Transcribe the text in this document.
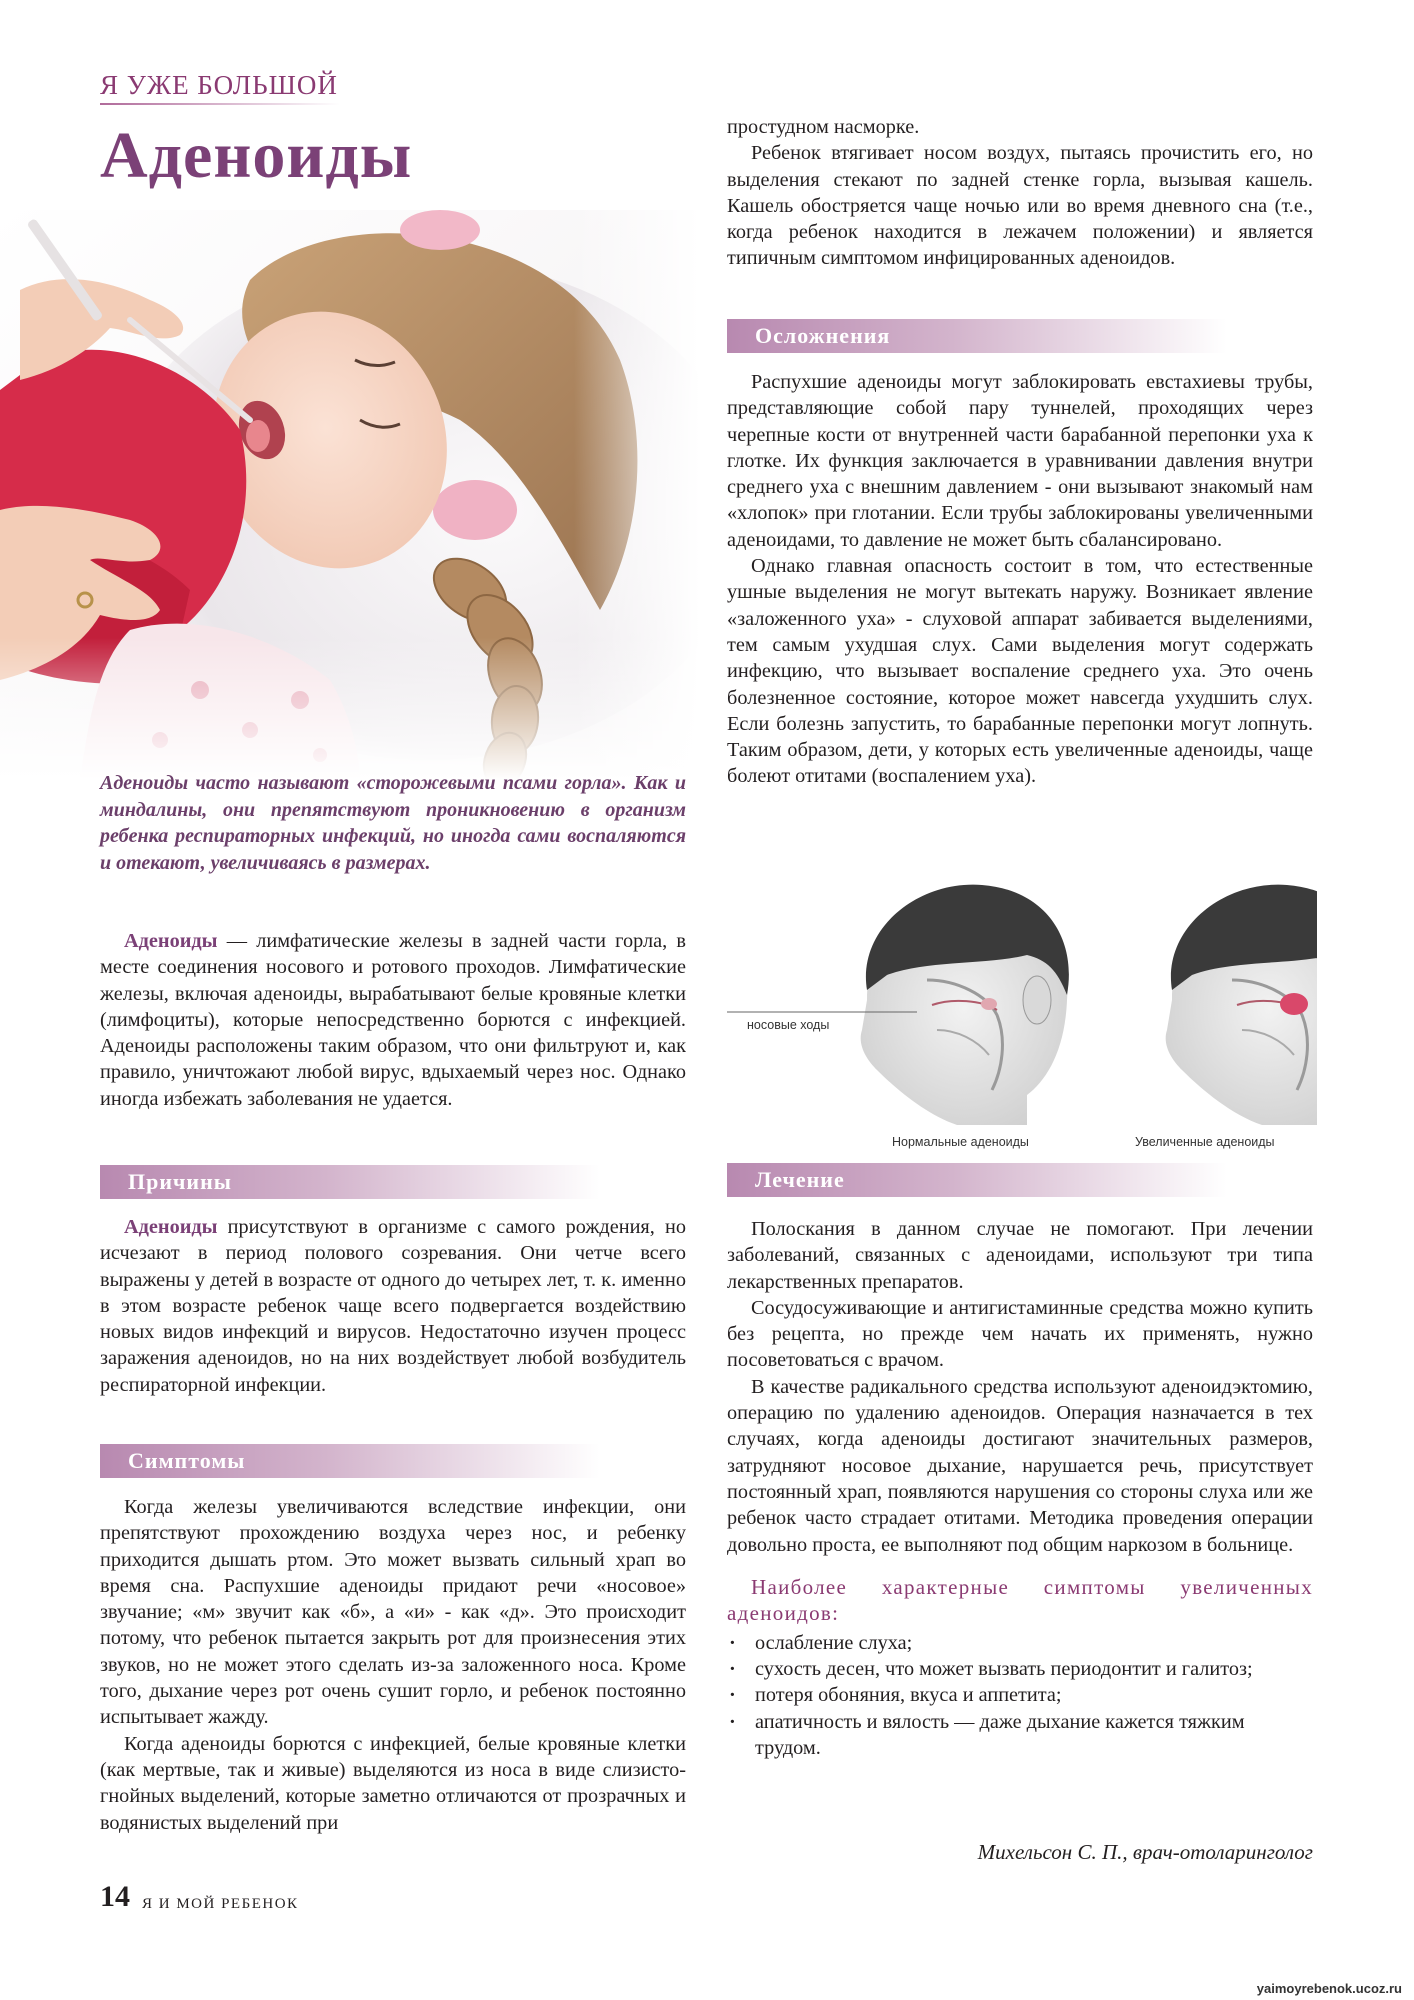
Я УЖЕ БОЛЬШОЙ
Аденоиды

Аденоиды часто называют «сторожевыми псами горла». Как и миндалины, они препятствуют проникновению в организм ребенка респираторных инфекций, но иногда сами воспаляются и отекают, увеличиваясь в размерах.

Аденоиды — лимфатические железы в задней части горла, в месте соединения носового и ротового проходов. Лимфатические железы, включая аденоиды, вырабатывают белые кровяные клетки (лимфоциты), которые непосредственно борются с инфекцией. Аденоиды расположены таким образом, что они фильтруют и, как правило, уничтожают любой вирус, вдыхаемый через нос. Однако иногда избежать заболевания не удается.

Причины

Аденоиды присутствуют в организме с самого рождения, но исчезают в период полового созревания. Они четче всего выражены у детей в возрасте от одного до четырех лет, т. к. именно в этом возрасте ребенок чаще всего подвергается воздействию новых видов инфекций и вирусов. Недостаточно изучен процесс заражения аденоидов, но на них воздействует любой возбудитель респираторной инфекции.

Симптомы

Когда железы увеличиваются вследствие инфекции, они препятствуют прохождению воздуха через нос, и ребенку приходится дышать ртом. Это может вызвать сильный храп во время сна. Распухшие аденоиды придают речи «носовое» звучание; «м» звучит как «б», а «и» - как «д». Это происходит потому, что ребенок пытается закрыть рот для произнесения этих звуков, но не может этого сделать из-за заложенного носа. Кроме того, дыхание через рот очень сушит горло, и ребенок постоянно испытывает жажду.

Когда аденоиды борются с инфекцией, белые кровяные клетки (как мертвые, так и живые) выделяются из носа в виде слизисто-гнойных выделений, которые заметно отличаются от прозрачных и водянистых выделений при

простудном насморке.

Ребенок втягивает носом воздух, пытаясь прочистить его, но выделения стекают по задней стенке горла, вызывая кашель. Кашель обостряется чаще ночью или во время дневного сна (т.е., когда ребенок находится в лежачем положении) и является типичным симптомом инфицированных аденоидов.

Осложнения

Распухшие аденоиды могут заблокировать евстахиевы трубы, представляющие собой пару туннелей, проходящих через черепные кости от внутренней части барабанной перепонки уха к глотке. Их функция заключается в уравнивании давления внутри среднего уха с внешним давлением - они вызывают знакомый нам «хлопок» при глотании. Если трубы заблокированы увеличенными аденоидами, то давление не может быть сбалансировано.

Однако главная опасность состоит в том, что естественные ушные выделения не могут вытекать наружу. Возникает явление «заложенного уха» - слуховой аппарат забивается выделениями, тем самым ухудшая слух. Сами выделения могут содержать инфекцию, что вызывает воспаление среднего уха. Это очень болезненное состояние, которое может навсегда ухудшить слух. Если болезнь запустить, то барабанные перепонки могут лопнуть. Таким образом, дети, у которых есть увеличенные аденоиды, чаще болеют отитами (воспалением уха).

носовые ходы
Нормальные аденоиды	Увеличенные аденоиды
Лечение

Полоскания в данном случае не помогают. При лечении заболеваний, связанных с аденоидами, используют три типа лекарственных препаратов.

Сосудосуживающие и антигистаминные средства можно купить без рецепта, но прежде чем начать их применять, нужно посоветоваться с врачом.

В качестве радикального средства используют аденоидэктомию, операцию по удалению аденоидов. Операция назначается в тех случаях, когда аденоиды достигают значительных размеров, затрудняют носовое дыхание, нарушается речь, присутствует постоянный храп, появляются нарушения со стороны слуха или же ребенок часто страдает отитами. Методика проведения операции довольно проста, ее выполняют под общим наркозом в больнице.

Наиболее характерные симптомы увеличенных аденоидов:

· ослабление слуха;
· сухость десен, что может вызвать периодонтит и галитоз;
· потеря обоняния, вкуса и аппетита;
· апатичность и вялость — даже дыхание кажется тяжким трудом.
Михельсон С. П., врач-отоларинголог
14 Я И МОЙ РЕБЕНОК
yaimoyrebenok.ucoz.ru
